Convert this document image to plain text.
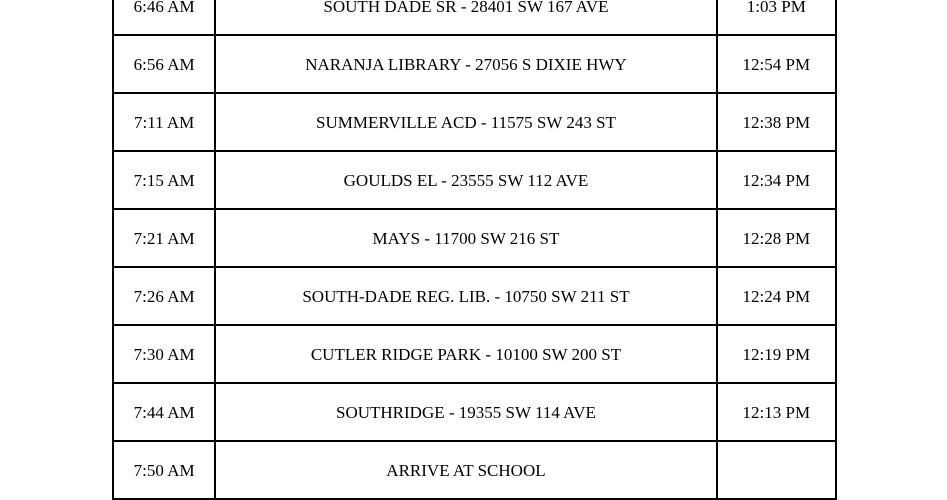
6:46 AM	SOUTH DADE SR - 28401 SW 167 AVE	1:03 PM
6:56 AM	NARANJA LIBRARY - 27056 S DIXIE HWY	12:54 PM
7:11 AM	SUMMERVILLE ACD - 11575 SW 243 ST	12:38 PM
7:15 AM	GOULDS EL - 23555 SW 112 AVE	12:34 PM
7:21 AM	MAYS - 11700 SW 216 ST	12:28 PM
7:26 AM	SOUTH-DADE REG. LIB. - 10750 SW 211 ST	12:24 PM
7:30 AM	CUTLER RIDGE PARK - 10100 SW 200 ST	12:19 PM
7:44 AM	SOUTHRIDGE - 19355 SW 114 AVE	12:13 PM
7:50 AM	ARRIVE AT SCHOOL	
